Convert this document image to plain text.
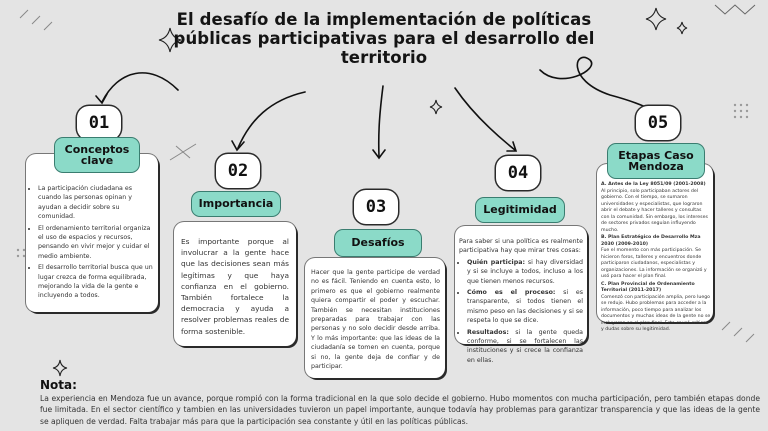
El desafío de la implementación de políticas públicas participativas para el desarrollo del territorio
01
Conceptos clave
• La participación ciudadana es cuando las personas opinan y ayudan a decidir sobre su comunidad.
• El ordenamiento territorial organiza el uso de espacios y recursos, pensando en vivir mejor y cuidar el medio ambiente.
• El desarrollo territorial busca que un lugar crezca de forma equilibrada, mejorando la vida de la gente e incluyendo a todos.
02
Importancia
Es importante porque al involucrar a la gente hace que las decisiones sean más legítimas y que haya confianza en el gobierno. También fortalece la democracia y ayuda a resolver problemas reales de forma sostenible.
03
Desafíos
Hacer que la gente participe de verdad no es fácil. Teniendo en cuenta esto, lo primero es que el gobierno realmente quiera compartir el poder y escuchar. También se necesitan instituciones preparadas para trabajar con las personas y no solo decidir desde arriba. Y lo más importante: que las ideas de la ciudadanía se tomen en cuenta, porque si no, la gente deja de confiar y de participar.
04
Legitimidad
Para saber si una política es realmente participativa hay que mirar tres cosas:
• Quién participa: si hay diversidad y si se incluye a todos, incluso a los que tienen menos recursos.
• Cómo es el proceso: si es transparente, si todos tienen el mismo peso en las decisiones y si se respeta lo que se dice.
• Resultados: si la gente queda conforme, si se fortalecen las instituciones y si crece la confianza en ellas.
05
Etapas Caso Mendoza
A. Antes de la Ley 8051/09 (2001-2008)
Al principio, solo participaban actores del gobierno. Con el tiempo, se sumaron universidades y especialistas, que lograron abrir el debate y hacer talleres y consultas con la comunidad. Sin embargo, los intereses de sectores privados seguían influyendo mucho.
B. Plan Estratégico de Desarrollo Mza 2030 (2009-2010)
Fue el momento con más participación. Se hicieron foros, talleres y encuentros donde participaron ciudadanos, especialistas y organizaciones. La información se organizó y usó para hacer el plan final.
C. Plan Provincial de Ordenamiento Territorial (2011-2017)
Comenzó con participación amplia, pero luego se redujo. Hubo problemas para acceder a la información, poco tiempo para analizar los documentos y muchas ideas de la gente no se incluyeron en el plan final. Esto causó críticas y dudas sobre su legitimidad.
Nota:
La experiencia en Mendoza fue un avance, porque rompió con la forma tradicional en la que solo decide el gobierno. Hubo momentos con mucha participación, pero también etapas donde fue limitada. En el sector científico y tambien en las universidades tuvieron un papel importante, aunque todavía hay problemas para garantizar transparencia y que las ideas de la gente se apliquen de verdad. Falta trabajar más para que la participación sea constante y útil en las políticas públicas.
